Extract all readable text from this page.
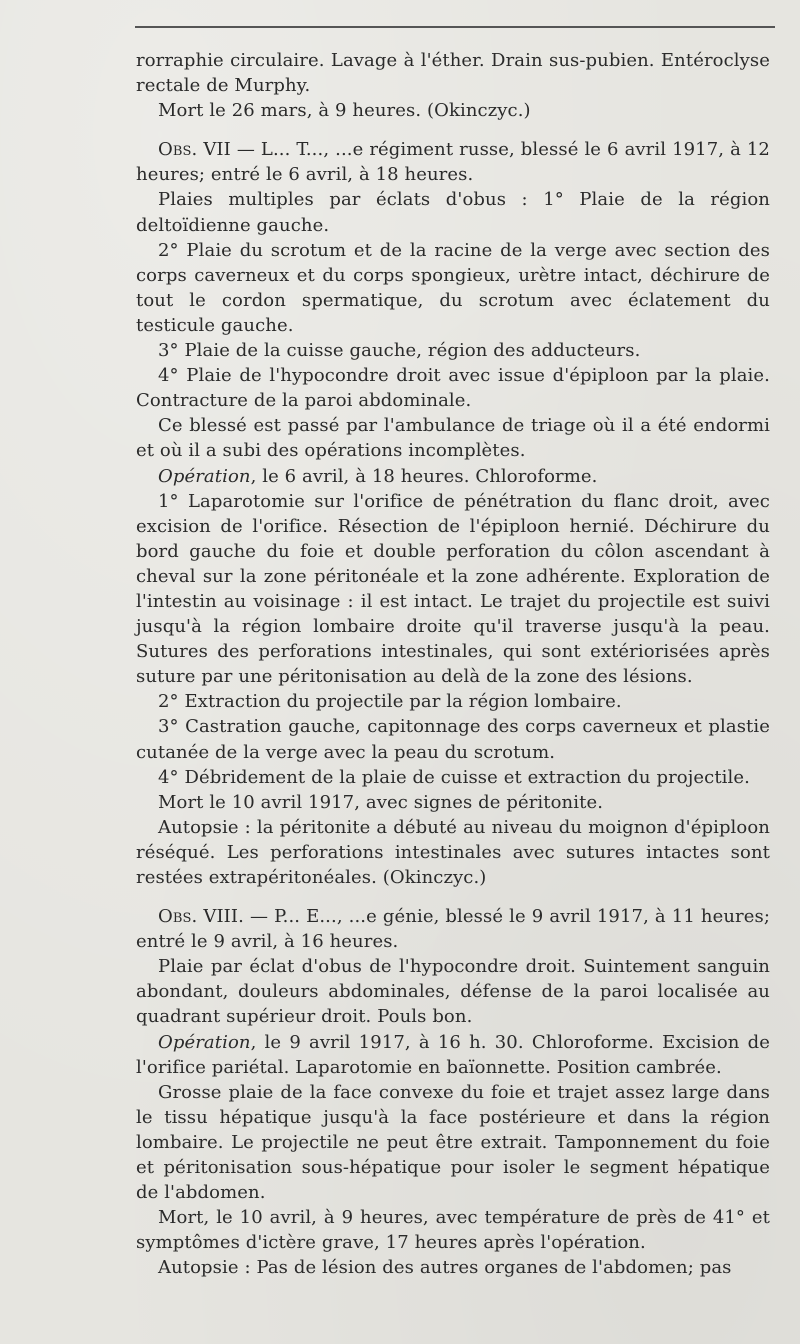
rorraphie circulaire. Lavage à l'éther. Drain sus-pubien. Entéroclyse rectale de Murphy.

Mort le 26 mars, à 9 heures. (Okinczyc.)

Obs. VII — L... T..., ...e régiment russe, blessé le 6 avril 1917, à 12 heures; entré le 6 avril, à 18 heures.

Plaies multiples par éclats d'obus : 1° Plaie de la région deltoïdienne gauche.

2° Plaie du scrotum et de la racine de la verge avec section des corps caverneux et du corps spongieux, urètre intact, déchirure de tout le cordon spermatique, du scrotum avec éclatement du testicule gauche.

3° Plaie de la cuisse gauche, région des adducteurs.

4° Plaie de l'hypocondre droit avec issue d'épiploon par la plaie. Contracture de la paroi abdominale.

Ce blessé est passé par l'ambulance de triage où il a été endormi et où il a subi des opérations incomplètes.

Opération, le 6 avril, à 18 heures. Chloroforme.

1° Laparotomie sur l'orifice de pénétration du flanc droit, avec excision de l'orifice. Résection de l'épiploon hernié. Déchirure du bord gauche du foie et double perforation du côlon ascendant à cheval sur la zone péritonéale et la zone adhérente. Exploration de l'intestin au voisinage : il est intact. Le trajet du projectile est suivi jusqu'à la région lombaire droite qu'il traverse jusqu'à la peau. Sutures des perforations intestinales, qui sont extériorisées après suture par une péritonisation au delà de la zone des lésions.

2° Extraction du projectile par la région lombaire.

3° Castration gauche, capitonnage des corps caverneux et plastie cutanée de la verge avec la peau du scrotum.

4° Débridement de la plaie de cuisse et extraction du projectile.

Mort le 10 avril 1917, avec signes de péritonite.

Autopsie : la péritonite a débuté au niveau du moignon d'épiploon réséqué. Les perforations intestinales avec sutures intactes sont restées extrapéritonéales. (Okinczyc.)

Obs. VIII. — P... E..., ...e génie, blessé le 9 avril 1917, à 11 heures; entré le 9 avril, à 16 heures.

Plaie par éclat d'obus de l'hypocondre droit. Suintement sanguin abondant, douleurs abdominales, défense de la paroi localisée au quadrant supérieur droit. Pouls bon.

Opération, le 9 avril 1917, à 16 h. 30. Chloroforme. Excision de l'orifice pariétal. Laparotomie en baïonnette. Position cambrée.

Grosse plaie de la face convexe du foie et trajet assez large dans le tissu hépatique jusqu'à la face postérieure et dans la région lombaire. Le projectile ne peut être extrait. Tamponnement du foie et péritonisation sous-hépatique pour isoler le segment hépatique de l'abdomen.

Mort, le 10 avril, à 9 heures, avec température de près de 41° et symptômes d'ictère grave, 17 heures après l'opération.

Autopsie : Pas de lésion des autres organes de l'abdomen; pas
